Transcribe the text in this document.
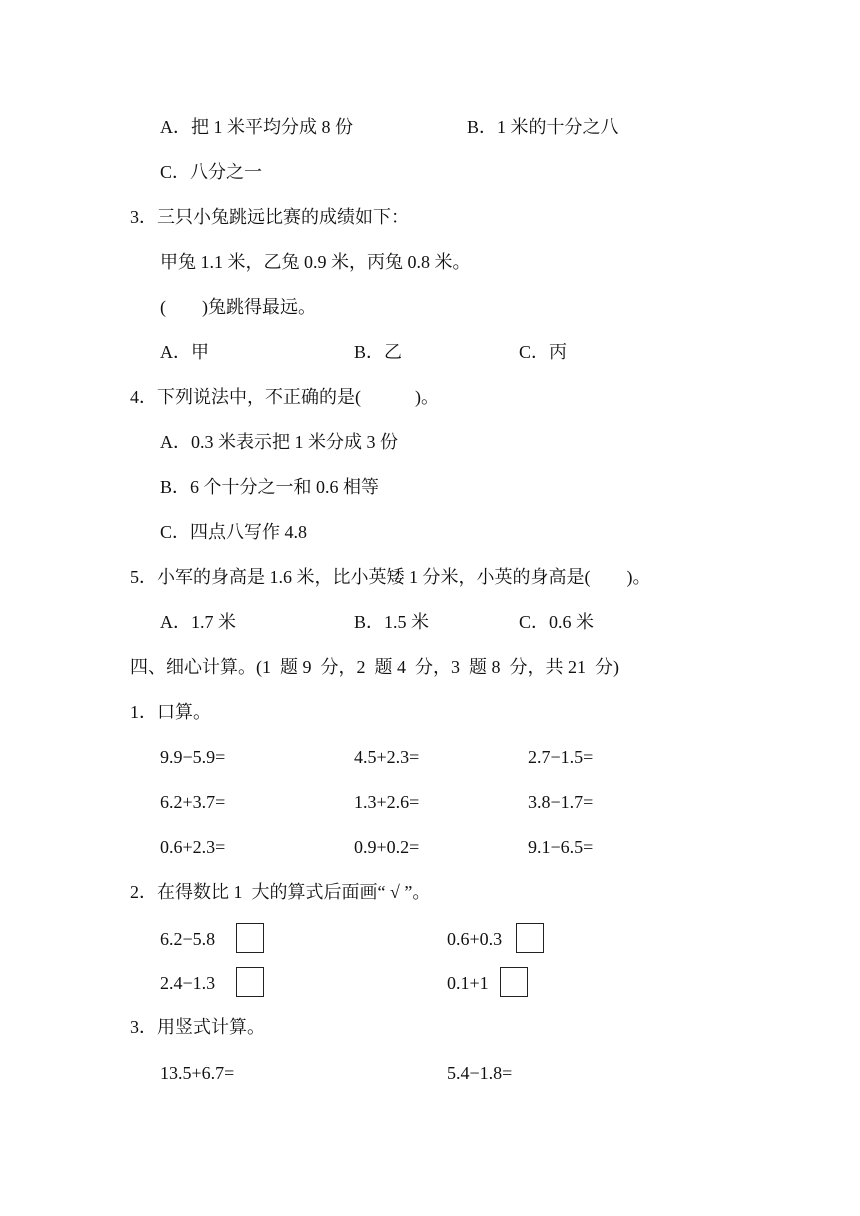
A．把 1 米平均分成 8 份	B．1 米的十分之八
C．八分之一
3．三只小兔跳远比赛的成绩如下：
甲兔 1.1 米，乙兔 0.9 米，丙兔 0.8 米。
(　　)兔跳得最远。
A．甲	B．乙	C．丙
4．下列说法中，不正确的是(　　　)。
A．0.3 米表示把 1 米分成 3 份
B．6 个十分之一和 0.6 相等
C．四点八写作 4.8
5．小军的身高是 1.6 米，比小英矮 1 分米，小英的身高是(　　)。
A．1.7 米	B．1.5 米	C．0.6 米
四、细心计算。(1  题 9  分，2  题 4  分，3  题 8  分，共 21  分)
1．口算。
9.9−5.9=	4.5+2.3=	2.7−1.5=
6.2+3.7=	1.3+2.6=	3.8−1.7=
0.6+2.3=	0.9+0.2=	9.1−6.5=
2．在得数比 1  大的算式后面画“ √ ”。
6.2−5.8	0.6+0.3
2.4−1.3	0.1+1
3．用竖式计算。
13.5+6.7=	5.4−1.8=
